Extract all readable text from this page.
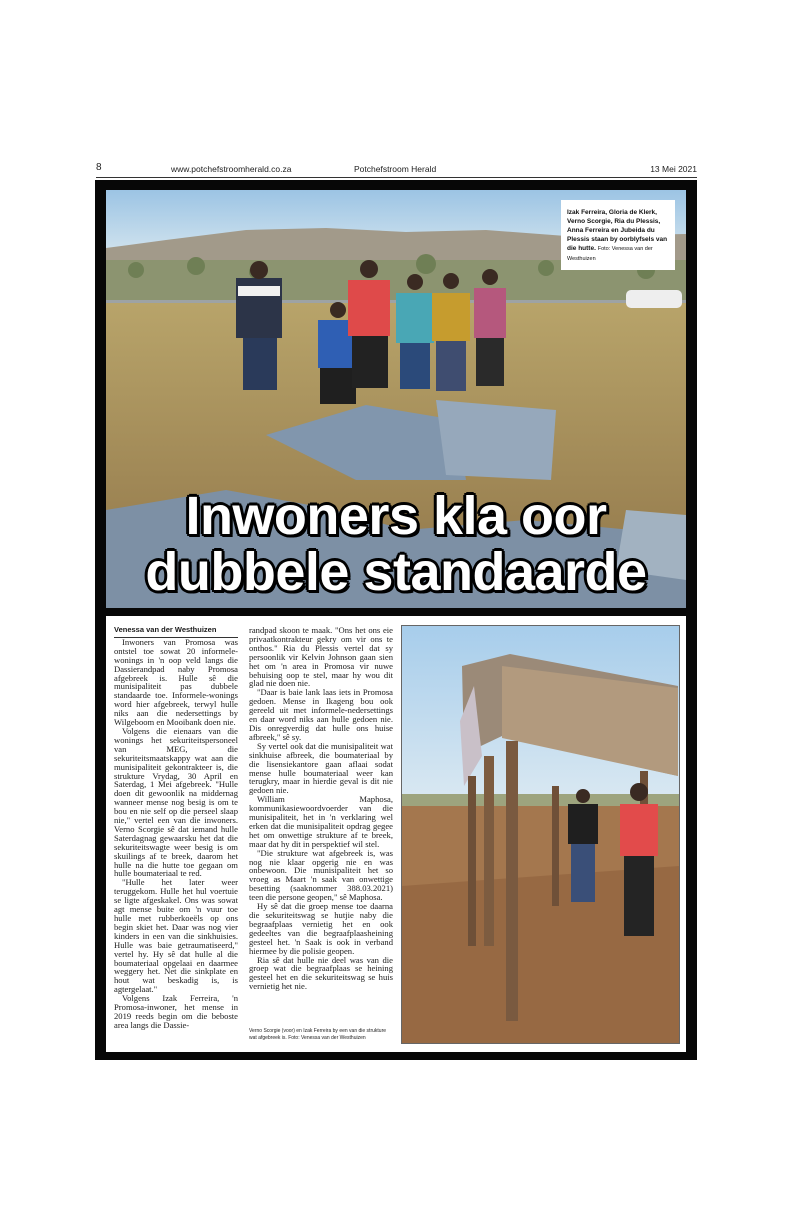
8	www.potchefstroomherald.co.za	Potchefstroom Herald	13 Mei 2021
Izak Ferreira, Gloria de Klerk, Verno Scorgie, Ria du Plessis, Anna Ferreira en Jubeida du Plessis staan by oorblyfsels van die hutte. Foto: Venessa van der Westhuizen
Inwoners kla oor
dubbele standaarde

Venessa van der Westhuizen

Inwoners van Promosa was ontstel toe sowat 20 informele-wonings in 'n oop veld langs die Dassierandpad naby Promosa afgebreek is. Hulle sê die munisipaliteit pas dubbele standaarde toe. Informele-wonings word hier afgebreek, terwyl hulle niks aan die nedersettings by Wilgeboom en Mooibank doen nie.

Volgens die eienaars van die wonings het sekuriteitspersoneel van MEG, die sekuriteitsmaatskappy wat aan die munisipaliteit gekontrakteer is, die strukture Vrydag, 30 April en Saterdag, 1 Mei afgebreek. "Hulle doen dit gewoonlik na middernag wanneer mense nog besig is om te bou en nie self op die perseel slaap nie," vertel een van die inwoners. Verno Scorgie sê dat iemand hulle Saterdagnag gewaarsku het dat die sekuriteitswagte weer besig is om skuilings af te breek, daarom het hulle na die hutte toe gegaan om hulle boumateriaal te red.

"Hulle het later weer teruggekom. Hulle het hul voertuie se ligte afgeskakel. Ons was sowat agt mense buite om 'n vuur toe hulle met rubberkoeëls op ons begin skiet het. Daar was nog vier kinders in een van die sinkhuisies. Hulle was baie getraumatiseerd," vertel hy. Hy sê dat hulle al die boumateriaal opgelaai en daarmee weggery het. Net die sinkplate en hout wat beskadig is, is agtergelaat."

Volgens Izak Ferreira, 'n Promosa-inwoner, het mense in 2019 reeds begin om die beboste area langs die Dassie-

randpad skoon te maak. "Ons het ons eie privaatkontrakteur gekry om vir ons te onthos." Ria du Plessis vertel dat sy persoonlik vir Kelvin Johnson gaan sien het om 'n area in Promosa vir nuwe behuising oop te stel, maar hy wou dit glad nie doen nie.

"Daar is baie lank laas iets in Promosa gedoen. Mense in Ikageng bou ook gereeld uit met informele-nedersettings en daar word niks aan hulle gedoen nie. Dis onregverdig dat hulle ons huise afbreek," sê sy.

Sy vertel ook dat die munisipaliteit wat sinkhuise afbreek, die boumateriaal by die lisensiekantore gaan aflaai sodat mense hulle boumateriaal weer kan terugkry, maar in hierdie geval is dit nie gedoen nie.

William Maphosa, kommunikasiewoordvoerder van die munisipaliteit, het in 'n verklaring wel erken dat die munisipaliteit opdrag gegee het om onwettige strukture af te breek, maar dat hy dit in perspektief wil stel.

"Die strukture wat afgebreek is, was nog nie klaar opgerig nie en was onbewoon. Die munisipaliteit het so vroeg as Maart 'n saak van onwettige besetting (saaknommer 388.03.2021) teen die persone geopen," sê Maphosa.

Hy sê dat die groep mense toe daarna die sekuriteitswag se hutjie naby die begraafplaas vernietig het en ook gedeeltes van die begraafplaasheining gesteel het. 'n Saak is ook in verband hiermee by die polisie geopen.

Ria sê dat hulle nie deel was van die groep wat die begraafplaas se heining gesteel het en die sekuriteitswag se huis vernietig het nie.

Verno Scorgie (voor) en Izak Ferreira by een van die strukture wat afgebreek is. Foto: Venessa van der Westhuizen
